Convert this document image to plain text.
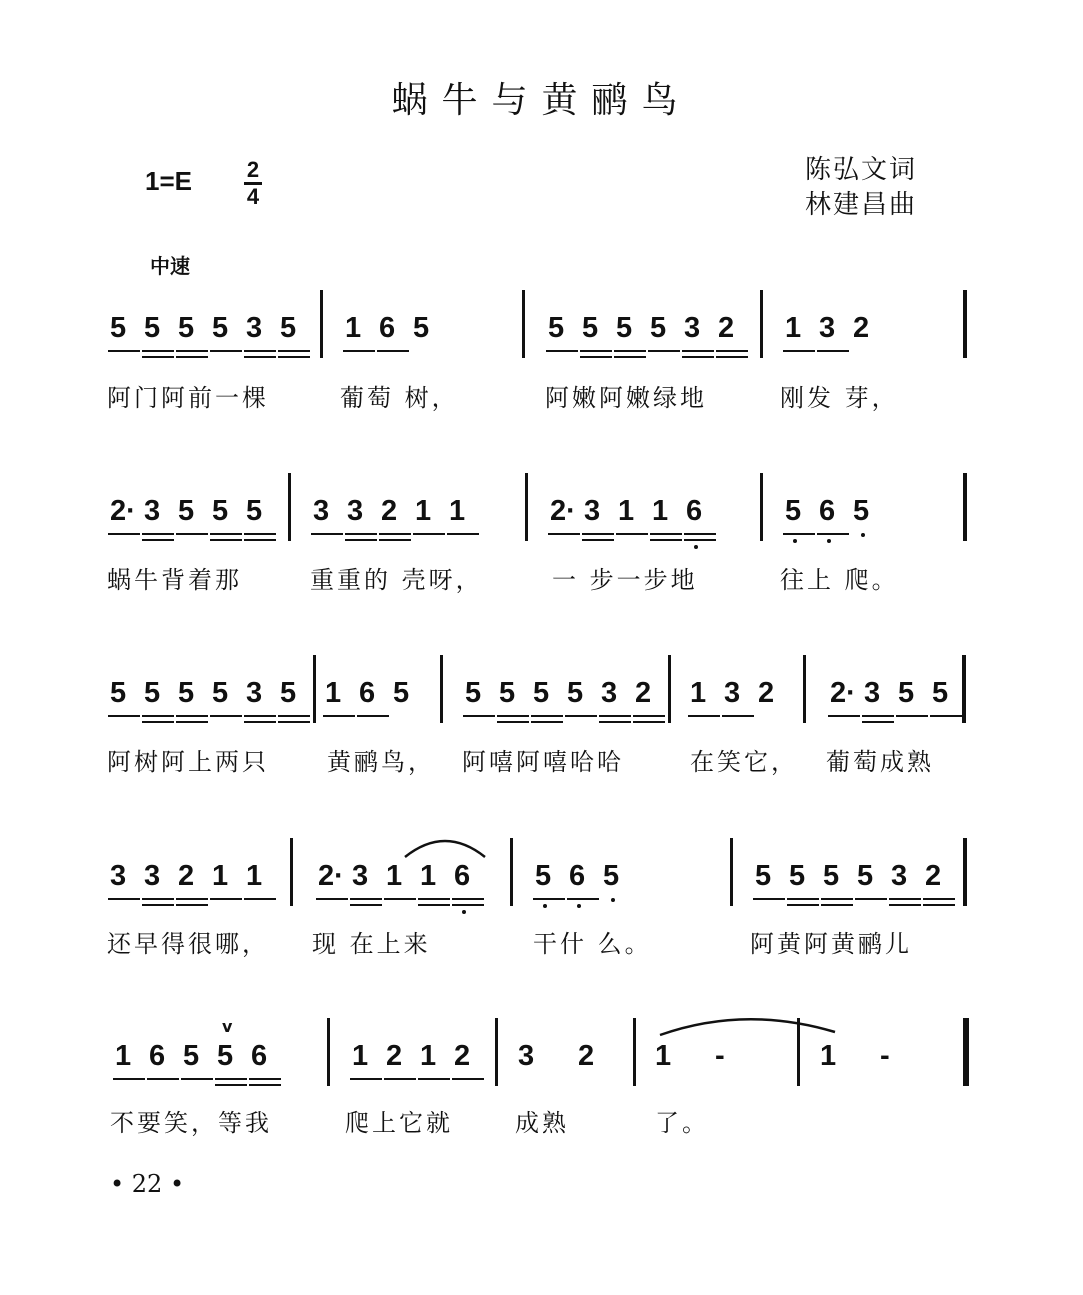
蜗牛与黄鹂鸟
1=E 2
4
陈弘文词
林建昌曲
中速
5 5 5 5 3 5
阿门阿前一棵
1 6 5
葡萄 树，
5 5 5 5 3 2
阿嫩阿嫩绿地
1 3 2
刚发 芽，
2· 3 5 5 5
蜗牛背着那
3 3 2 1 1
重重的 壳呀，
2· 3 1 1 6
一 步一步地
5 6 5
往上 爬。
5 5 5 5 3 5
阿树阿上两只
1 6 5
黄鹂鸟，
5 5 5 5 3 2
阿嘻阿嘻哈哈
1 3 2
在笑它，
2· 3 5 5
葡萄成熟
3 3 2 1 1
还早得很哪，
2· 3 1 1 6
现 在上来
5 6 5
干什 么。
5 5 5 5 3 2
阿黄阿黄鹂儿
1 6 5 5 6
不要笑，等我
1 2 1 2
爬上它就
3 2
成熟
1 -
了。
1 -
v
• 22 •
